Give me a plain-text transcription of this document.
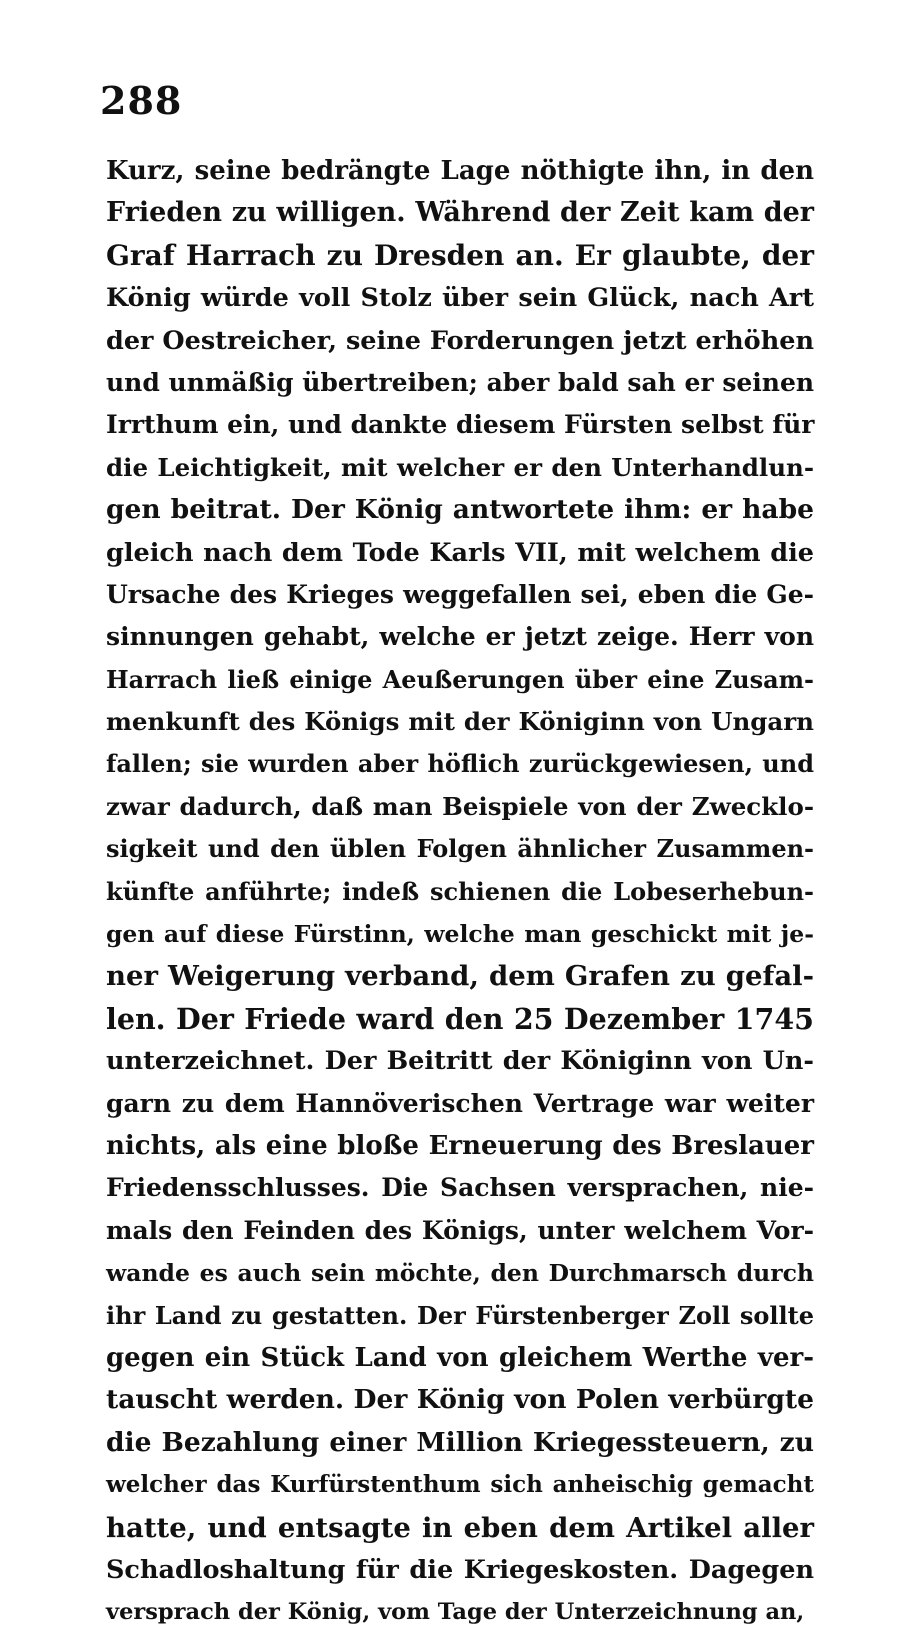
288
Kurz, seine bedrängte Lage nöthigte ihn, in den
Frieden zu willigen. Während der Zeit kam der
Graf Harrach zu Dresden an. Er glaubte, der
König würde voll Stolz über sein Glück, nach Art
der Oestreicher, seine Forderungen jetzt erhöhen
und unmäßig übertreiben; aber bald sah er seinen
Irrthum ein, und dankte diesem Fürsten selbst für
die Leichtigkeit, mit welcher er den Unterhandlun-
gen beitrat. Der König antwortete ihm: er habe
gleich nach dem Tode Karls VII, mit welchem die
Ursache des Krieges weggefallen sei, eben die Ge-
sinnungen gehabt, welche er jetzt zeige. Herr von
Harrach ließ einige Aeußerungen über eine Zusam-
menkunft des Königs mit der Königinn von Ungarn
fallen; sie wurden aber höflich zurückgewiesen, und
zwar dadurch, daß man Beispiele von der Zwecklo-
sigkeit und den üblen Folgen ähnlicher Zusammen-
künfte anführte; indeß schienen die Lobeserhebun-
gen auf diese Fürstinn, welche man geschickt mit je-
ner Weigerung verband, dem Grafen zu gefal-
len. Der Friede ward den 25 Dezember 1745
unterzeichnet. Der Beitritt der Königinn von Un-
garn zu dem Hannöverischen Vertrage war weiter
nichts, als eine bloße Erneuerung des Breslauer
Friedensschlusses. Die Sachsen versprachen, nie-
mals den Feinden des Königs, unter welchem Vor-
wande es auch sein möchte, den Durchmarsch durch
ihr Land zu gestatten. Der Fürstenberger Zoll sollte
gegen ein Stück Land von gleichem Werthe ver-
tauscht werden. Der König von Polen verbürgte
die Bezahlung einer Million Kriegessteuern, zu
welcher das Kurfürstenthum sich anheischig gemacht
hatte, und entsagte in eben dem Artikel aller
Schadloshaltung für die Kriegeskosten. Dagegen
versprach der König, vom Tage der Unterzeichnung an,
